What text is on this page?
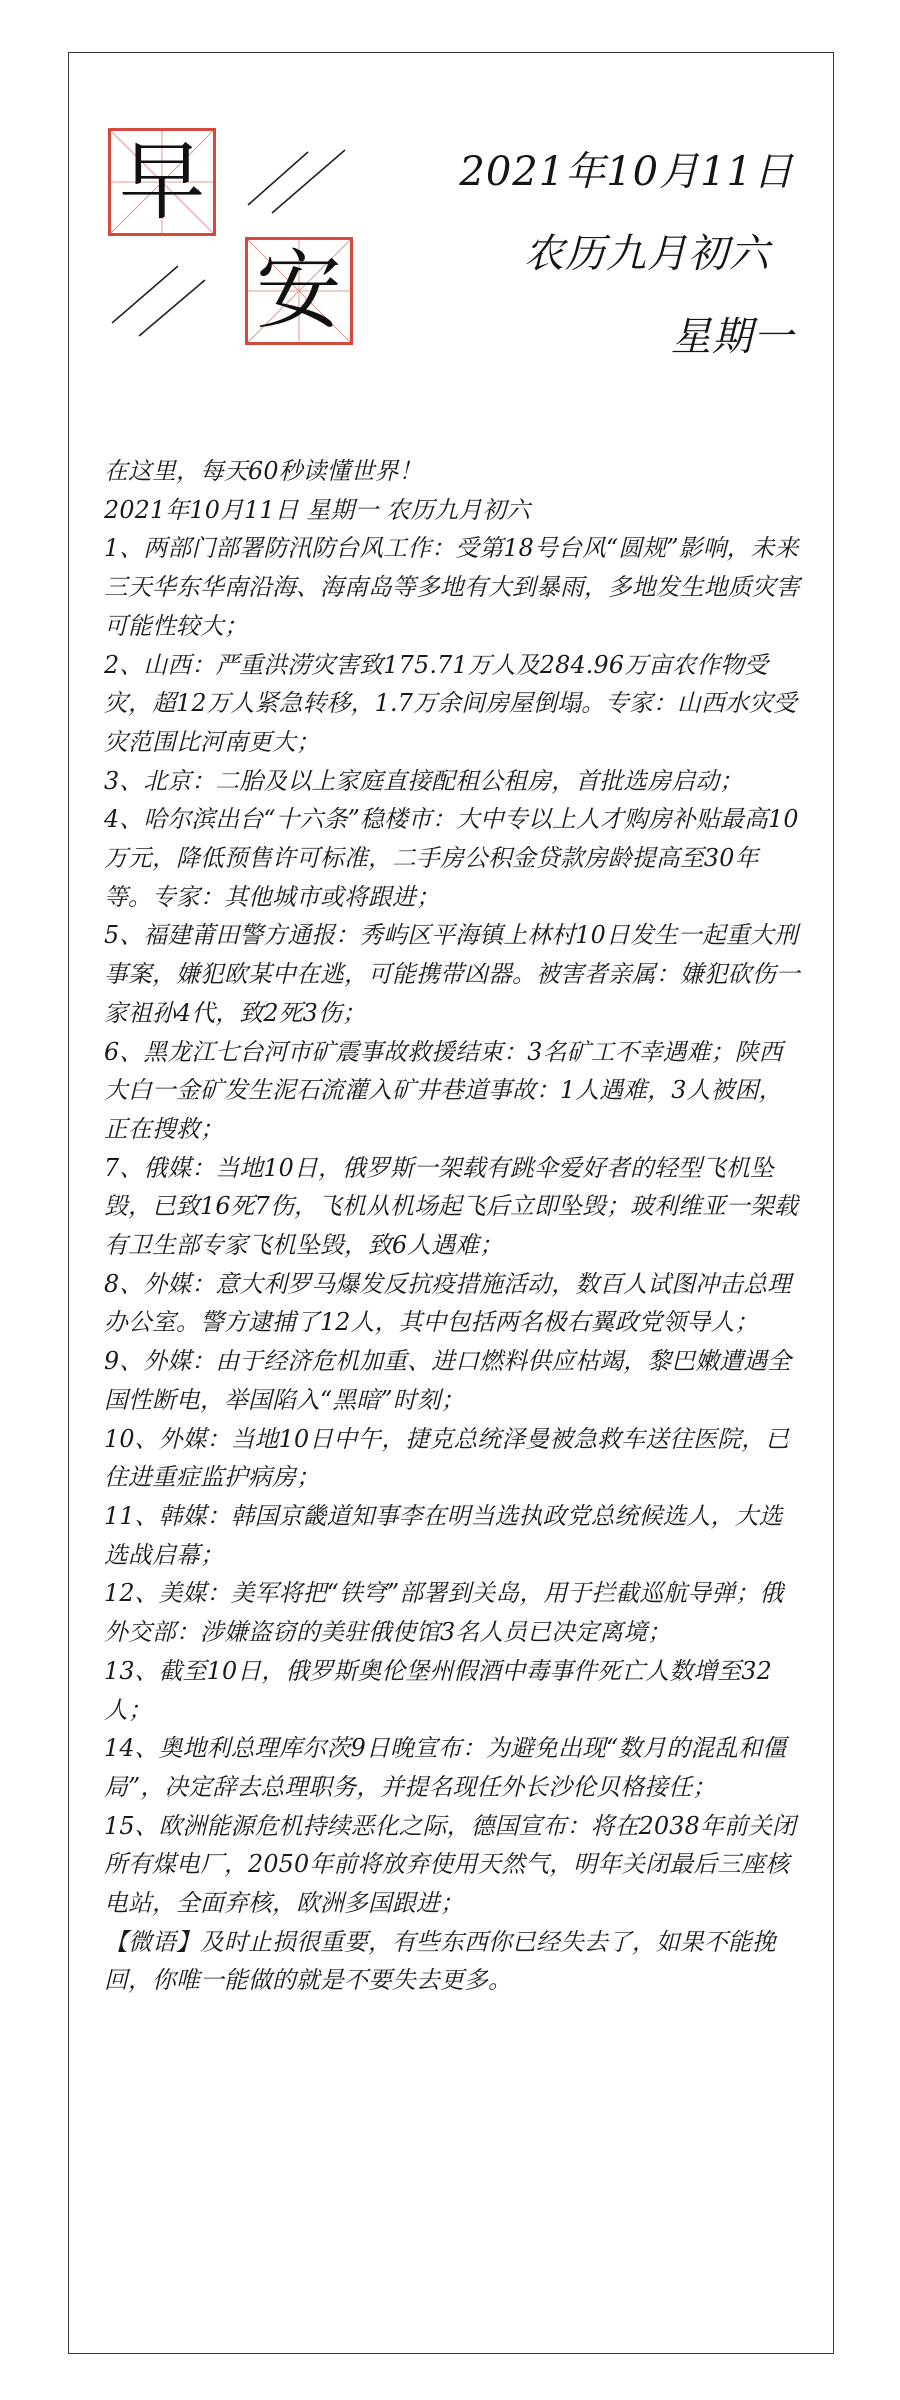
早
安
2021年10月11日
农历九月初六
星期一

在这里，每天60秒读懂世界！

2021年10月11日 星期一 农历九月初六

1、两部门部署防汛防台风工作：受第18号台风“圆规”影响，未来三天华东华南沿海、海南岛等多地有大到暴雨，多地发生地质灾害可能性较大；

2、山西：严重洪涝灾害致175.71万人及284.96万亩农作物受灾，超12万人紧急转移，1.7万余间房屋倒塌。专家：山西水灾受灾范围比河南更大；

3、北京：二胎及以上家庭直接配租公租房，首批选房启动；

4、哈尔滨出台“十六条”稳楼市：大中专以上人才购房补贴最高10万元，降低预售许可标准，二手房公积金贷款房龄提高至30年等。专家：其他城市或将跟进；

5、福建莆田警方通报：秀屿区平海镇上林村10日发生一起重大刑事案，嫌犯欧某中在逃，可能携带凶器。被害者亲属：嫌犯砍伤一家祖孙4代，致2死3伤；

6、黑龙江七台河市矿震事故救援结束：3名矿工不幸遇难；陕西大白一金矿发生泥石流灌入矿井巷道事故：1人遇难，3人被困，正在搜救；

7、俄媒：当地10日，俄罗斯一架载有跳伞爱好者的轻型飞机坠毁，已致16死7伤，飞机从机场起飞后立即坠毁；玻利维亚一架载有卫生部专家飞机坠毁，致6人遇难；

8、外媒：意大利罗马爆发反抗疫措施活动，数百人试图冲击总理办公室。警方逮捕了12人，其中包括两名极右翼政党领导人；

9、外媒：由于经济危机加重、进口燃料供应枯竭，黎巴嫩遭遇全国性断电，举国陷入“黑暗”时刻；

10、外媒：当地10日中午，捷克总统泽曼被急救车送往医院，已住进重症监护病房；

11、韩媒：韩国京畿道知事李在明当选执政党总统候选人，大选选战启幕；

12、美媒：美军将把“铁穹”部署到关岛，用于拦截巡航导弹；俄外交部：涉嫌盗窃的美驻俄使馆3名人员已决定离境；

13、截至10日，俄罗斯奥伦堡州假酒中毒事件死亡人数增至32人；

14、奥地利总理库尔茨9日晚宣布：为避免出现“数月的混乱和僵局”，决定辞去总理职务，并提名现任外长沙伦贝格接任；

15、欧洲能源危机持续恶化之际，德国宣布：将在2038年前关闭所有煤电厂，2050年前将放弃使用天然气，明年关闭最后三座核电站，全面弃核，欧洲多国跟进；

【微语】及时止损很重要，有些东西你已经失去了，如果不能挽回，你唯一能做的就是不要失去更多。
